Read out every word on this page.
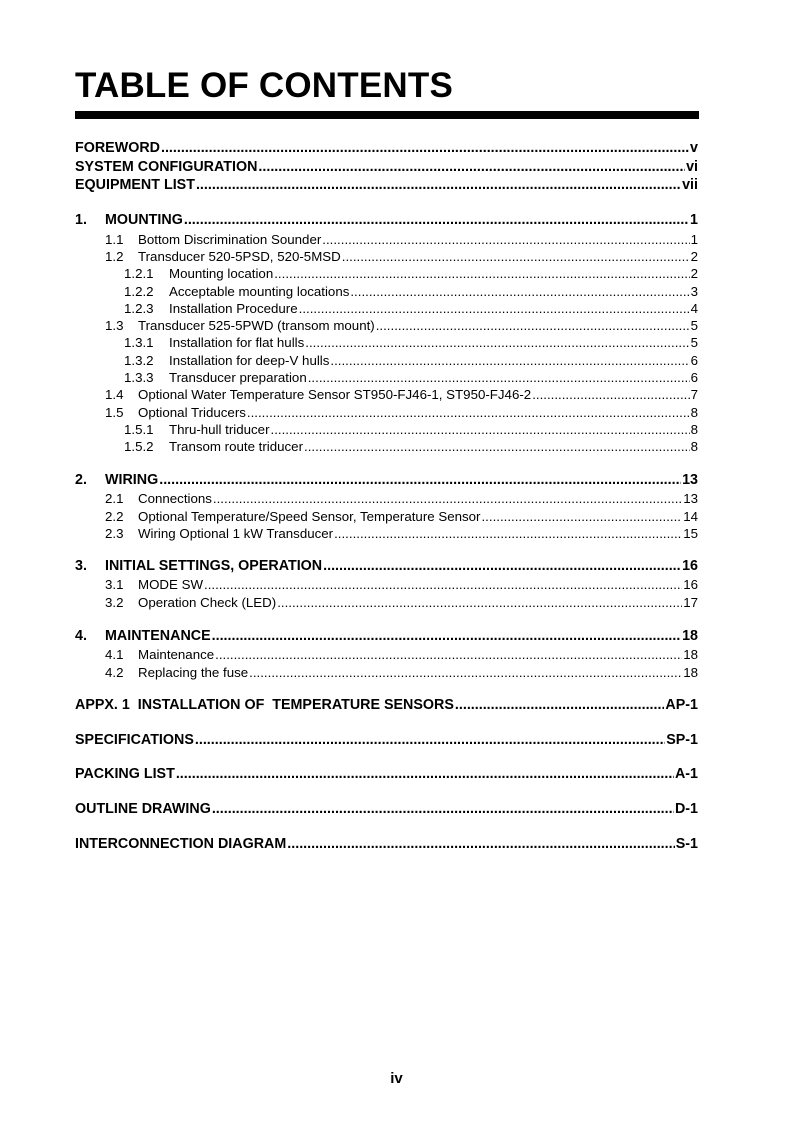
TABLE OF CONTENTS
FOREWORD .....	v
SYSTEM CONFIGURATION .....	vi
EQUIPMENT LIST .....	vii
1. MOUNTING .....	1
1.1 Bottom Discrimination Sounder .....	1
1.2 Transducer 520-5PSD, 520-5MSD .....	2
1.2.1 Mounting location .....	2
1.2.2 Acceptable mounting locations .....	3
1.2.3 Installation Procedure .....	4
1.3 Transducer 525-5PWD (transom mount) .....	5
1.3.1 Installation for flat hulls .....	5
1.3.2 Installation for deep-V hulls .....	6
1.3.3 Transducer preparation .....	6
1.4 Optional Water Temperature Sensor ST950-FJ46-1, ST950-FJ46-2 .....	7
1.5 Optional Triducers .....	8
1.5.1 Thru-hull triducer .....	8
1.5.2 Transom route triducer .....	8
2. WIRING .....	13
2.1 Connections .....	13
2.2 Optional Temperature/Speed Sensor, Temperature Sensor .....	14
2.3 Wiring Optional 1 kW Transducer .....	15
3. INITIAL SETTINGS, OPERATION .....	16
3.1 MODE SW .....	16
3.2 Operation Check (LED) .....	17
4. MAINTENANCE .....	18
4.1 Maintenance .....	18
4.2 Replacing the fuse .....	18
APPX. 1  INSTALLATION OF  TEMPERATURE SENSORS .....	AP-1
SPECIFICATIONS .....	SP-1
PACKING LIST .....	A-1
OUTLINE DRAWING .....	D-1
INTERCONNECTION DIAGRAM .....	S-1
iv
